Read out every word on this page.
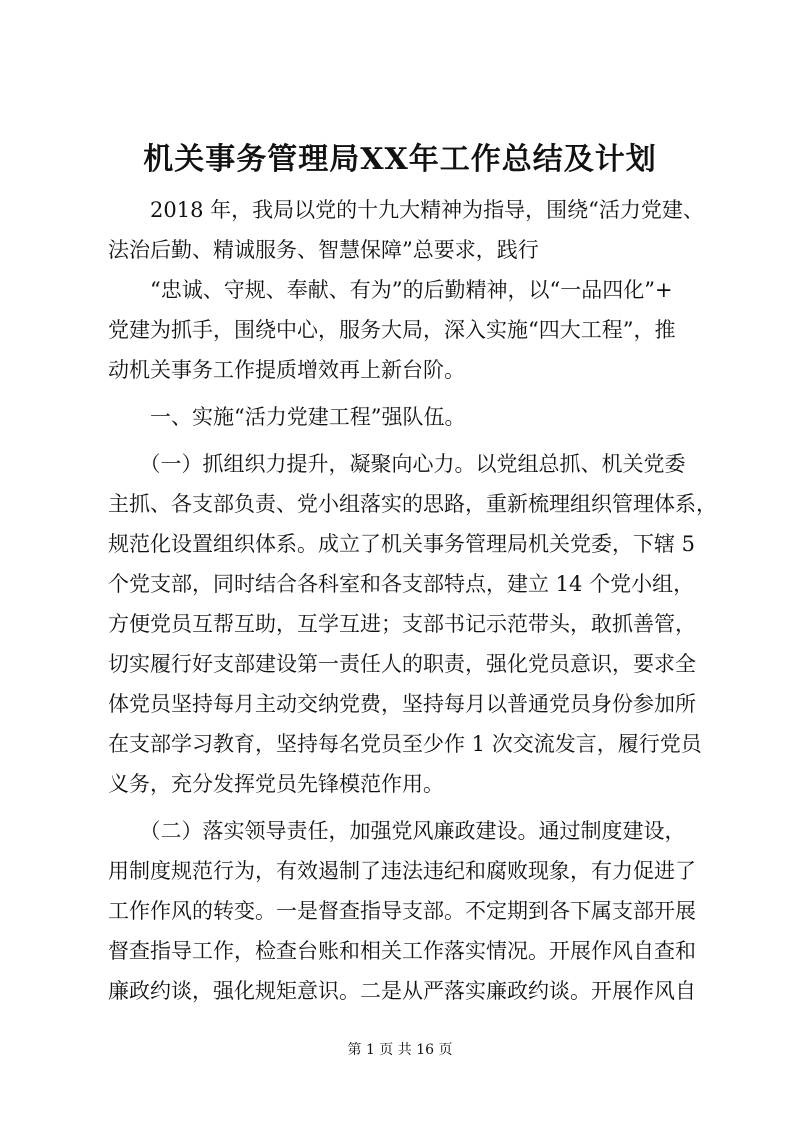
机关事务管理局XX年工作总结及计划
　　2018 年，我局以党的十九大精神为指导，围绕“活力党建、
法治后勤、精诚服务、智慧保障”总要求，践行
　　“忠诚、守规、奉献、有为”的后勤精神，以“一品四化”+
党建为抓手，围绕中心，服务大局，深入实施“四大工程”，推
动机关事务工作提质增效再上新台阶。
　　一、实施“活力党建工程”强队伍。
　　（一）抓组织力提升，凝聚向心力。以党组总抓、机关党委
主抓、各支部负责、党小组落实的思路，重新梳理组织管理体系，
规范化设置组织体系。成立了机关事务管理局机关党委，下辖 5
个党支部，同时结合各科室和各支部特点，建立 14 个党小组，
方便党员互帮互助，互学互进；支部书记示范带头，敢抓善管，
切实履行好支部建设第一责任人的职责，强化党员意识，要求全
体党员坚持每月主动交纳党费，坚持每月以普通党员身份参加所
在支部学习教育，坚持每名党员至少作 1 次交流发言，履行党员
义务，充分发挥党员先锋模范作用。
　　（二）落实领导责任，加强党风廉政建设。通过制度建设，
用制度规范行为，有效遏制了违法违纪和腐败现象，有力促进了
工作作风的转变。一是督查指导支部。不定期到各下属支部开展
督查指导工作，检查台账和相关工作落实情况。开展作风自查和
廉政约谈，强化规矩意识。二是从严落实廉政约谈。开展作风自
第 1 页 共 16 页
